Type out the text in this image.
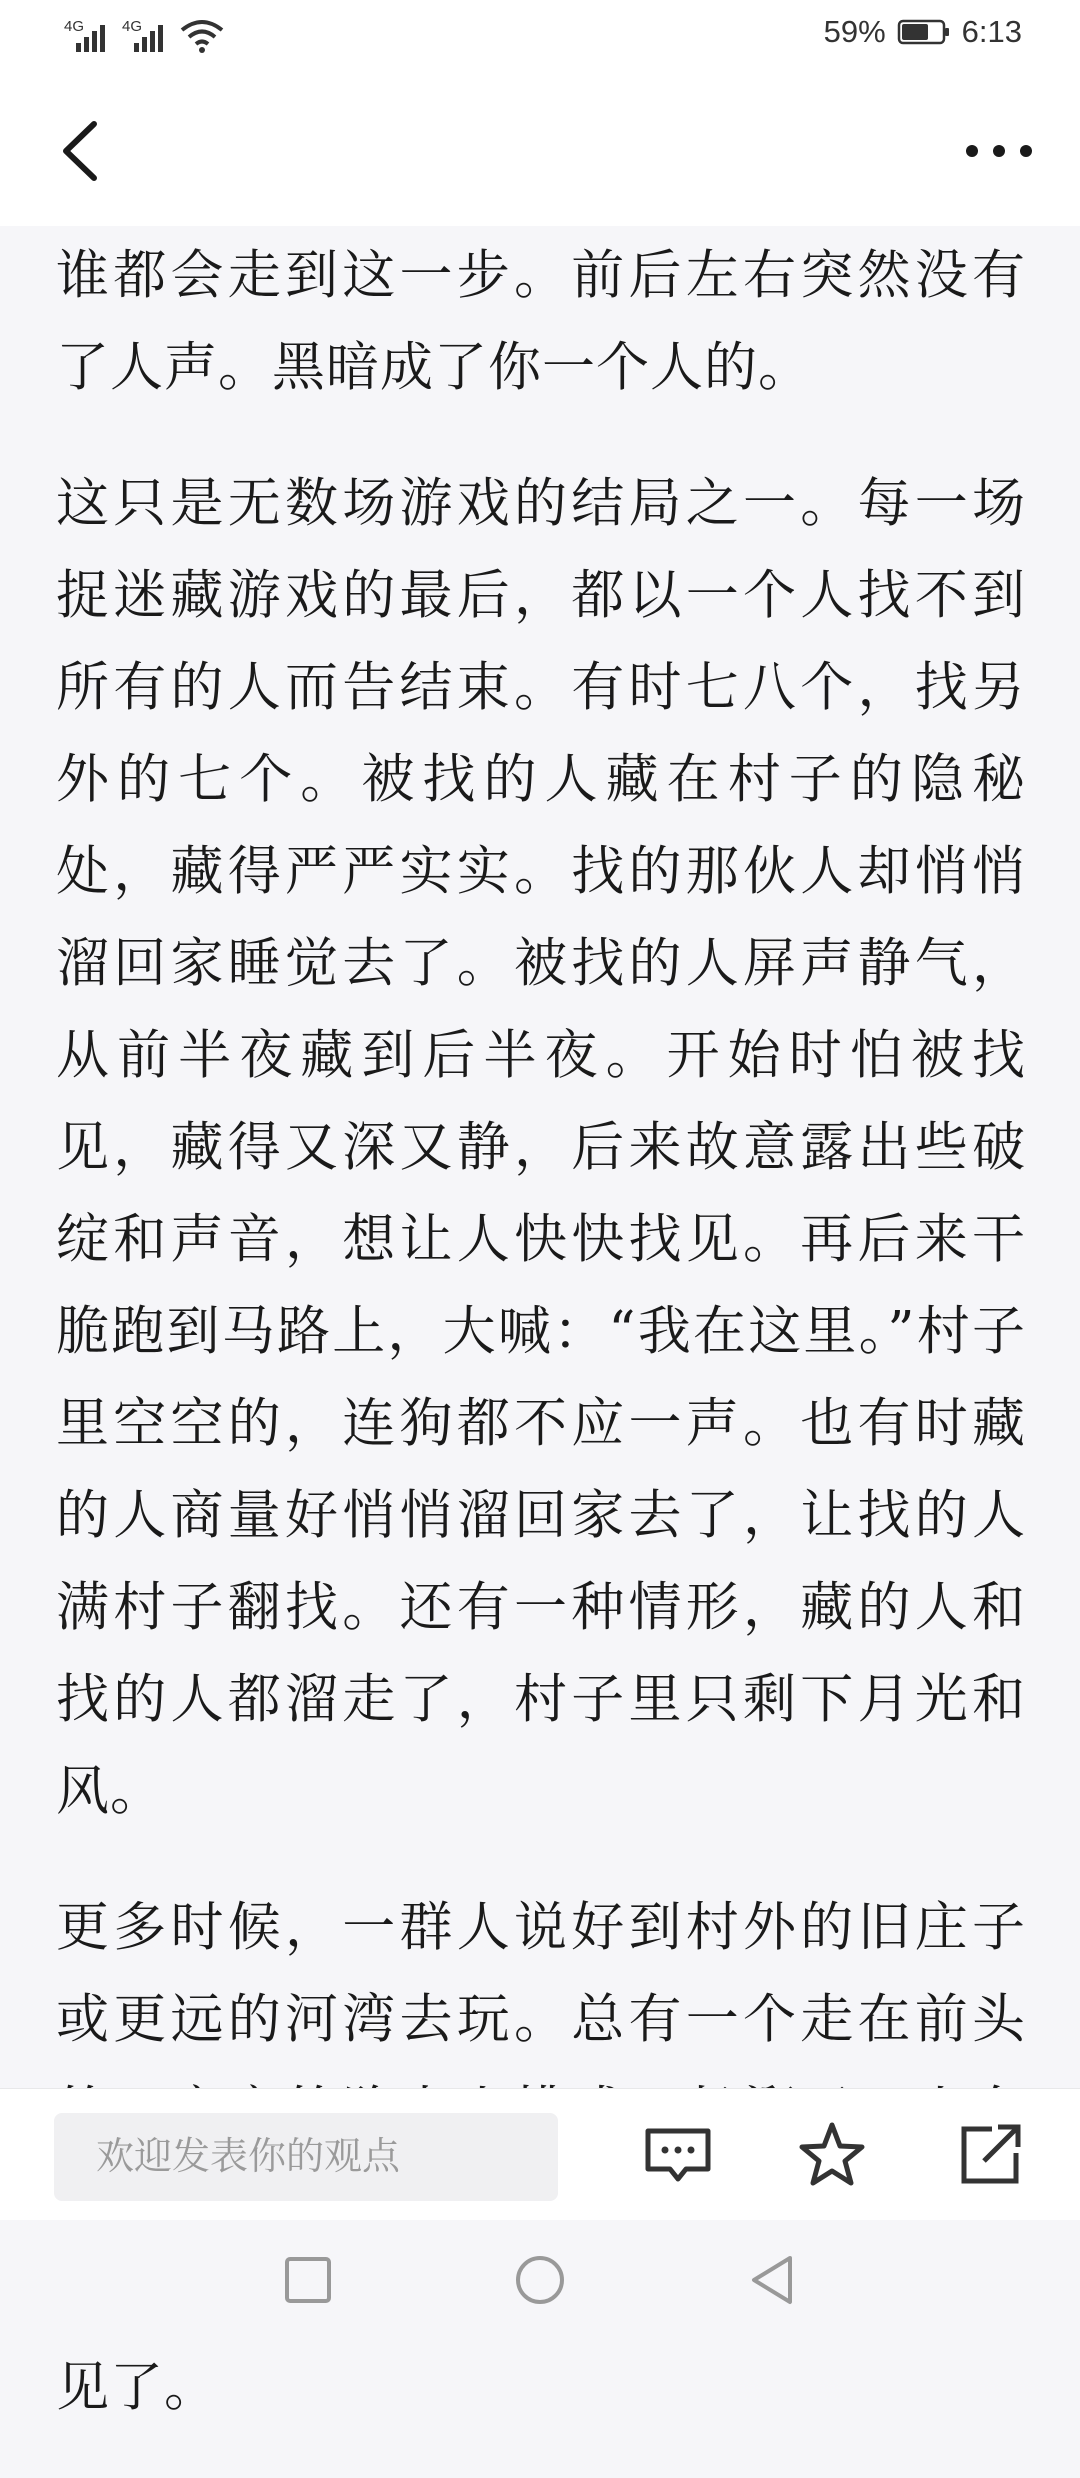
4G	4G	59% 6:13

谁都会走到这一步。前后左右突然没有了人声。黑暗成了你一个人的。

这只是无数场游戏的结局之一。每一场捉迷藏游戏的最后，都以一个人找不到所有的人而告结束。有时七八个，找另外的七个。被找的人藏在村子的隐秘处，藏得严严实实。找的那伙人却悄悄溜回家睡觉去了。被找的人屏声静气，从前半夜藏到后半夜。开始时怕被找见，藏得又深又静，后来故意露出些破绽和声音，想让人快快找见。再后来干脆跑到马路上，大喊：“我在这里。”村子里空空的，连狗都不应一声。也有时藏的人商量好悄悄溜回家去了，让找的人满村子翻找。还有一种情形，藏的人和找的人都溜走了，村子里只剩下月光和风。

更多时候，一群人说好到村外的旧庄子或更远的河湾去玩。总有一个走在前头 见了。

欢迎发表你的观点
